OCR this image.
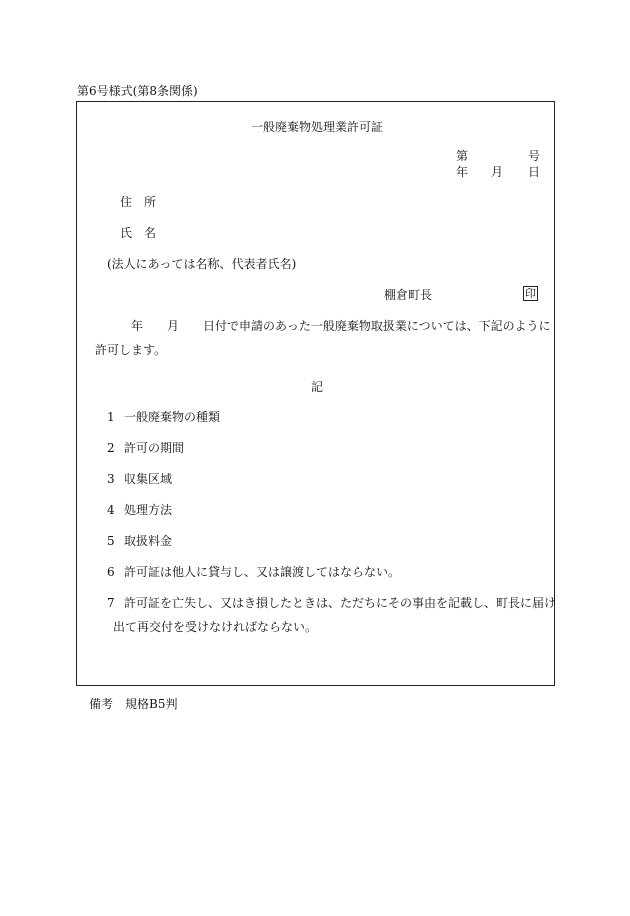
第6号様式(第8条関係)
一般廃棄物処理業許可証
第	号
年 月 日
住　所
氏　名
(法人にあっては名称、代表者氏名)
棚倉町長	印
年 月 日付で申請のあった一般廃棄物取扱業については、下記のように
許可します。
記
1 一般廃棄物の種類
2 許可の期間
3 収集区域
4 処理方法
5 取扱料金
6 許可証は他人に貸与し、又は譲渡してはならない。
7 許可証を亡失し、又はき損したときは、ただちにその事由を記載し、町長に届け
出て再交付を受けなければならない。
備考　規格B5判
